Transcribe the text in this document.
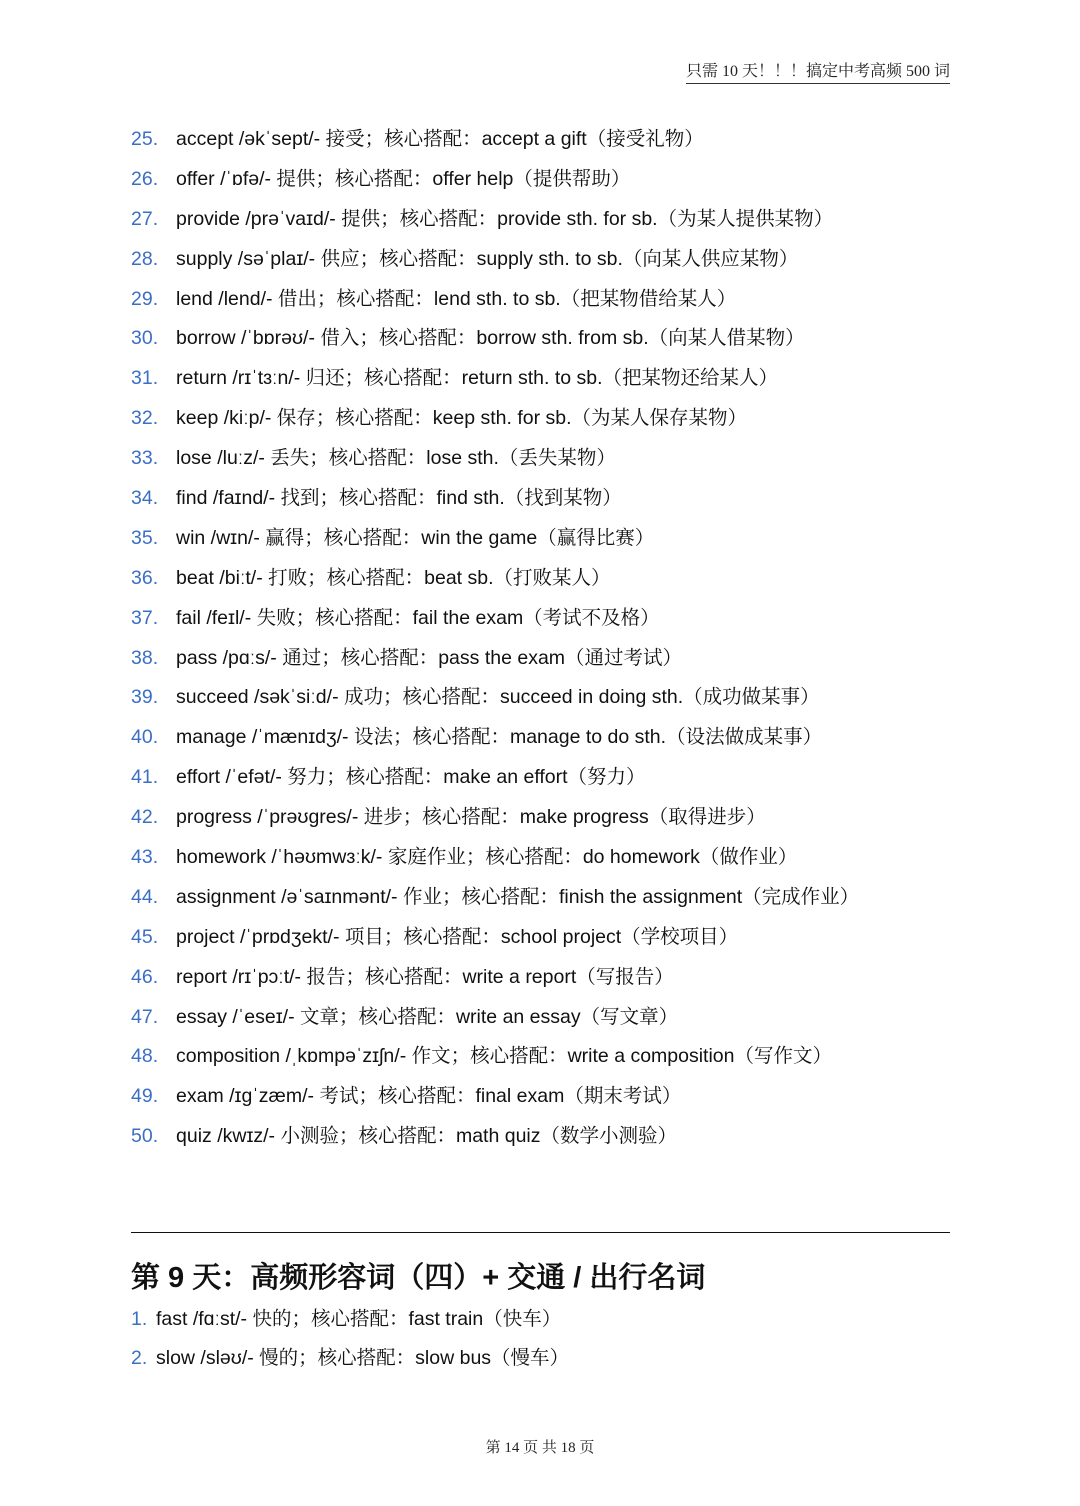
只需 10 天！！！搞定中考高频 500 词
25. accept /əkˈsept/- 接受；核心搭配：accept a gift（接受礼物）
26. offer /ˈɒfə/- 提供；核心搭配：offer help（提供帮助）
27. provide /prəˈvaɪd/- 提供；核心搭配：provide sth. for sb.（为某人提供某物）
28. supply /səˈplaɪ/- 供应；核心搭配：supply sth. to sb.（向某人供应某物）
29. lend /lend/- 借出；核心搭配：lend sth. to sb.（把某物借给某人）
30. borrow /ˈbɒrəʊ/- 借入；核心搭配：borrow sth. from sb.（向某人借某物）
31. return /rɪˈtɜːn/- 归还；核心搭配：return sth. to sb.（把某物还给某人）
32. keep /kiːp/- 保存；核心搭配：keep sth. for sb.（为某人保存某物）
33. lose /luːz/- 丢失；核心搭配：lose sth.（丢失某物）
34. find /faɪnd/- 找到；核心搭配：find sth.（找到某物）
35. win /wɪn/- 赢得；核心搭配：win the game（赢得比赛）
36. beat /biːt/- 打败；核心搭配：beat sb.（打败某人）
37. fail /feɪl/- 失败；核心搭配：fail the exam（考试不及格）
38. pass /pɑːs/- 通过；核心搭配：pass the exam（通过考试）
39. succeed /səkˈsiːd/- 成功；核心搭配：succeed in doing sth.（成功做某事）
40. manage /ˈmænɪdʒ/- 设法；核心搭配：manage to do sth.（设法做成某事）
41. effort /ˈefət/- 努力；核心搭配：make an effort（努力）
42. progress /ˈprəʊgres/- 进步；核心搭配：make progress（取得进步）
43. homework /ˈhəʊmwɜːk/- 家庭作业；核心搭配：do homework（做作业）
44. assignment /əˈsaɪnmənt/- 作业；核心搭配：finish the assignment（完成作业）
45. project /ˈprɒdʒekt/- 项目；核心搭配：school project（学校项目）
46. report /rɪˈpɔːt/- 报告；核心搭配：write a report（写报告）
47. essay /ˈeseɪ/- 文章；核心搭配：write an essay（写文章）
48. composition /ˌkɒmpəˈzɪʃn/- 作文；核心搭配：write a composition（写作文）
49. exam /ɪgˈzæm/- 考试；核心搭配：final exam（期末考试）
50. quiz /kwɪz/- 小测验；核心搭配：math quiz（数学小测验）
第 9 天：高频形容词（四）+ 交通 / 出行名词
1. fast /fɑːst/- 快的；核心搭配：fast train（快车）
2. slow /sləʊ/- 慢的；核心搭配：slow bus（慢车）
第 14 页 共 18 页
